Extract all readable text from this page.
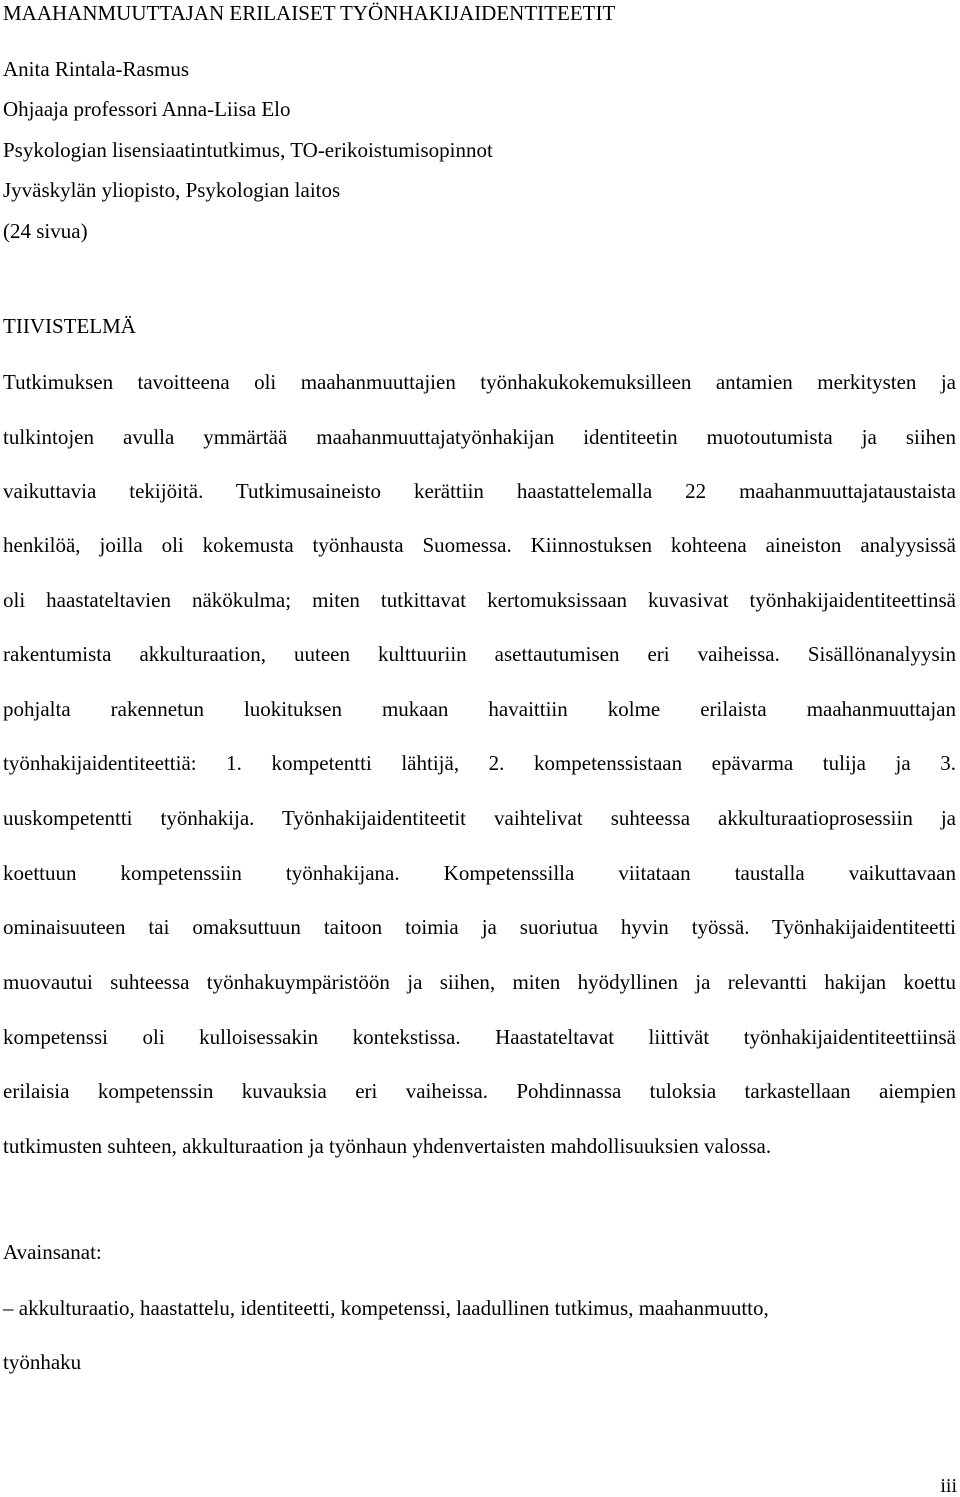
MAAHANMUUTTAJAN ERILAISET TYÖNHAKIJAIDENTITEETIT
Anita Rintala-Rasmus
Ohjaaja professori Anna-Liisa Elo
Psykologian lisensiaatintutkimus, TO-erikoistumisopinnot
Jyväskylän yliopisto, Psykologian laitos
(24 sivua)
TIIVISTELMÄ
Tutkimuksen tavoitteena oli maahanmuuttajien työnhakukokemuksilleen antamien merkitysten ja
tulkintojen avulla ymmärtää maahanmuuttajatyönhakijan identiteetin muotoutumista ja siihen
vaikuttavia tekijöitä. Tutkimusaineisto kerättiin haastattelemalla 22 maahanmuuttajataustaista
henkilöä, joilla oli kokemusta työnhausta Suomessa. Kiinnostuksen kohteena aineiston analyysissä
oli haastateltavien näkökulma; miten tutkittavat kertomuksissaan kuvasivat työnhakijaidentiteettinsä
rakentumista akkulturaation, uuteen kulttuuriin asettautumisen eri vaiheissa. Sisällönanalyysin
pohjalta rakennetun luokituksen mukaan havaittiin kolme erilaista maahanmuuttajan
työnhakijaidentiteettiä: 1. kompetentti lähtijä, 2. kompetenssistaan epävarma tulija ja 3.
uuskompetentti työnhakija. Työnhakijaidentiteetit vaihtelivat suhteessa akkulturaatioprosessiin ja
koettuun kompetenssiin työnhakijana. Kompetenssilla viitataan taustalla vaikuttavaan
ominaisuuteen tai omaksuttuun taitoon toimia ja suoriutua hyvin työssä. Työnhakijaidentiteetti
muovautui suhteessa työnhakuympäristöön ja siihen, miten hyödyllinen ja relevantti hakijan koettu
kompetenssi oli kulloisessakin kontekstissa. Haastateltavat liittivät työnhakijaidentiteettiinsä
erilaisia kompetenssin kuvauksia eri vaiheissa. Pohdinnassa tuloksia tarkastellaan aiempien
tutkimusten suhteen, akkulturaation ja työnhaun yhdenvertaisten mahdollisuuksien valossa.
Avainsanat:
– akkulturaatio, haastattelu, identiteetti, kompetenssi, laadullinen tutkimus, maahanmuutto,
työnhaku
iii
